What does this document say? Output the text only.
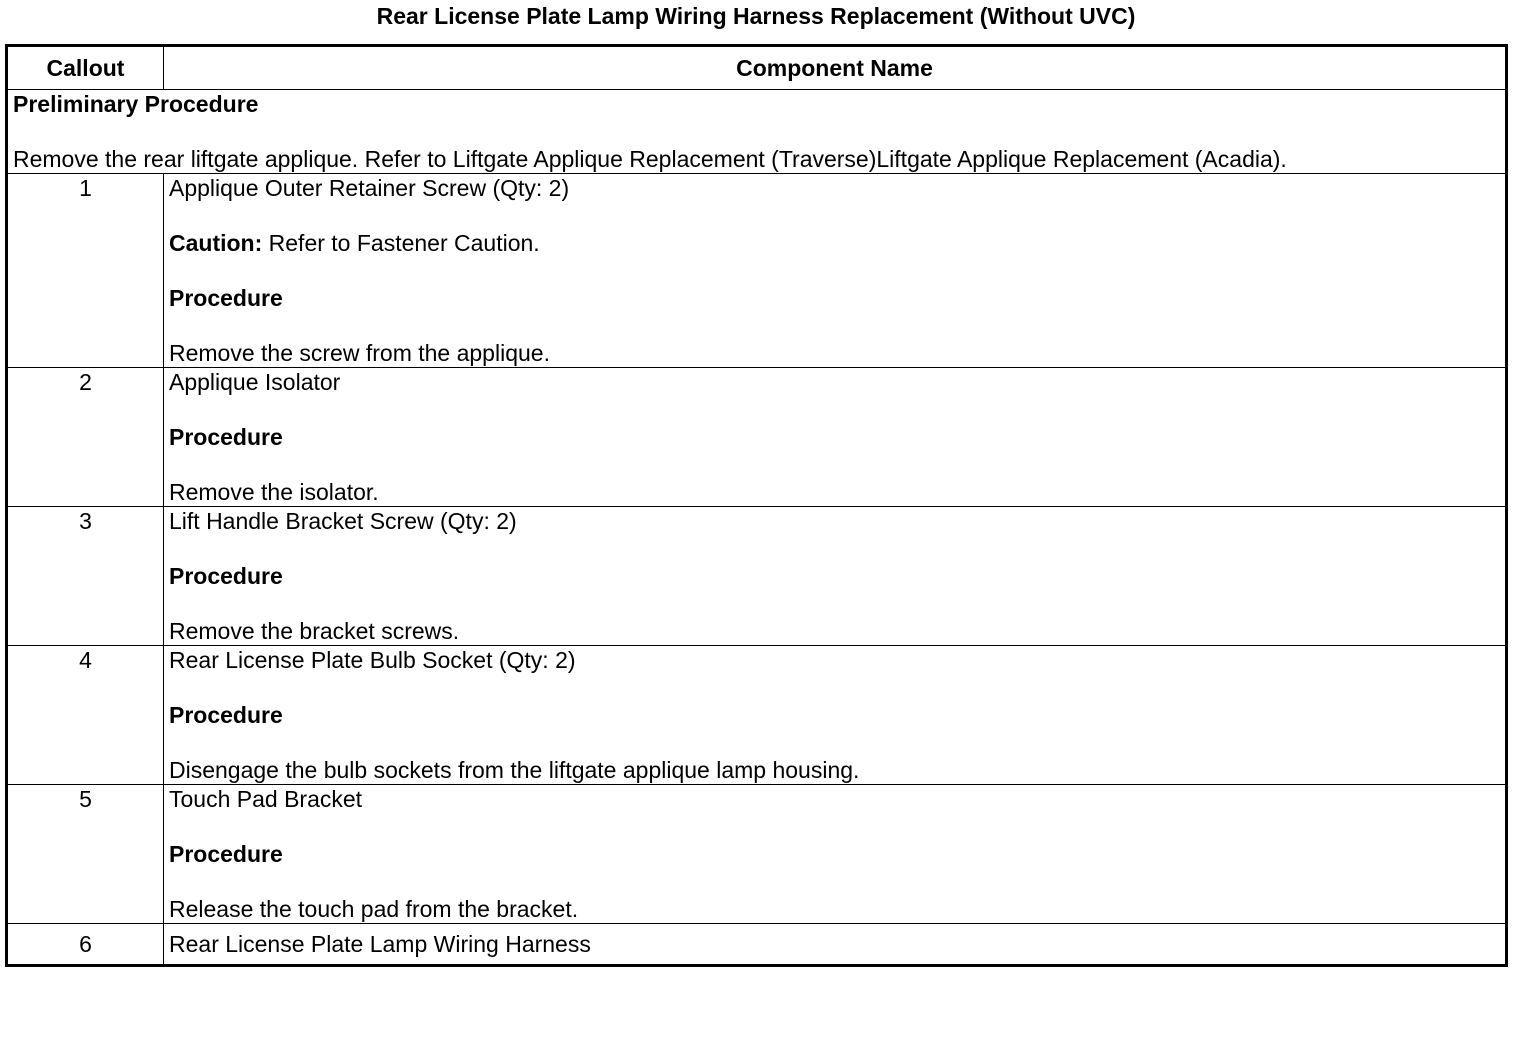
Rear License Plate Lamp Wiring Harness Replacement (Without UVC)
Callout	Component Name

Preliminary Procedure

Remove the rear liftgate applique. Refer to Liftgate Applique Replacement (Traverse)Liftgate Applique Replacement (Acadia).	

1	Applique Outer Retainer Screw (Qty: 2)

Caution: Refer to Fastener Caution.

Procedure

Remove the screw from the applique.

2	Applique Isolator

Procedure

Remove the isolator.

3	Lift Handle Bracket Screw (Qty: 2)

Procedure

Remove the bracket screws.

4	Rear License Plate Bulb Socket (Qty: 2)

Procedure

Disengage the bulb sockets from the liftgate applique lamp housing.

5	Touch Pad Bracket

Procedure

Release the touch pad from the bracket.

6	Rear License Plate Lamp Wiring Harness
